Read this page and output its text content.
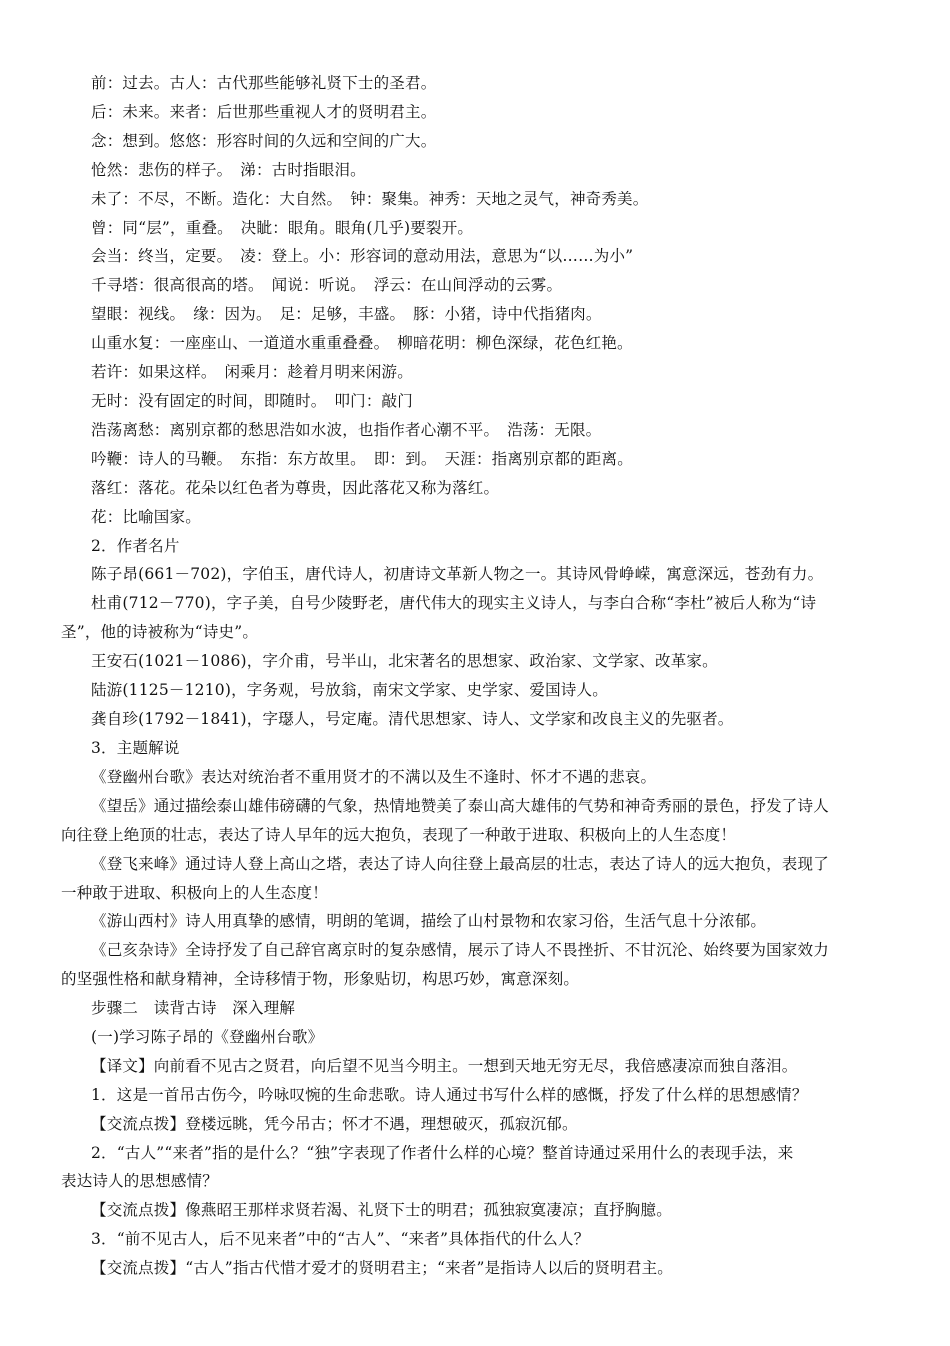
前：过去。古人：古代那些能够礼贤下士的圣君。
后：未来。来者：后世那些重视人才的贤明君主。
念：想到。悠悠：形容时间的久远和空间的广大。
怆然：悲伤的样子。　涕：古时指眼泪。
未了：不尽，不断。造化：大自然。　钟：聚集。神秀：天地之灵气，神奇秀美。
曾：同“层”，重叠。　决眦：眼角。眼角(几乎)要裂开。
会当：终当，定要。　凌：登上。小：形容词的意动用法，意思为“以……为小”
千寻塔：很高很高的塔。　闻说：听说。　浮云：在山间浮动的云雾。
望眼：视线。　缘：因为。　足：足够，丰盛。　豚：小猪，诗中代指猪肉。
山重水复：一座座山、一道道水重重叠叠。　柳暗花明：柳色深绿，花色红艳。
若许：如果这样。　闲乘月：趁着月明来闲游。
无时：没有固定的时间，即随时。　叩门：敲门
浩荡离愁：离别京都的愁思浩如水波，也指作者心潮不平。　浩荡：无限。
吟鞭：诗人的马鞭。　东指：东方故里。　即：到。　天涯：指离别京都的距离。
落红：落花。花朵以红色者为尊贵，因此落花又称为落红。
花：比喻国家。
2．作者名片
陈子昂(661－702)，字伯玉，唐代诗人，初唐诗文革新人物之一。其诗风骨峥嵘，寓意深远，苍劲有力。
杜甫(712－770)，字子美，自号少陵野老，唐代伟大的现实主义诗人，与李白合称“李杜”被后人称为“诗
圣”，他的诗被称为“诗史”。
王安石(1021－1086)，字介甫，号半山，北宋著名的思想家、政治家、文学家、改革家。
陆游(1125－1210)，字务观，号放翁，南宋文学家、史学家、爱国诗人。
龚自珍(1792－1841)，字璱人，号定庵。清代思想家、诗人、文学家和改良主义的先驱者。
3．主题解说
《登幽州台歌》表达对统治者不重用贤才的不满以及生不逢时、怀才不遇的悲哀。
《望岳》通过描绘泰山雄伟磅礴的气象，热情地赞美了泰山高大雄伟的气势和神奇秀丽的景色，抒发了诗人
向往登上绝顶的壮志，表达了诗人早年的远大抱负，表现了一种敢于进取、积极向上的人生态度！
《登飞来峰》通过诗人登上高山之塔，表达了诗人向往登上最高层的壮志，表达了诗人的远大抱负，表现了
一种敢于进取、积极向上的人生态度！
《游山西村》诗人用真挚的感情，明朗的笔调，描绘了山村景物和农家习俗，生活气息十分浓郁。
《己亥杂诗》全诗抒发了自己辞官离京时的复杂感情，展示了诗人不畏挫折、不甘沉沦、始终要为国家效力
的坚强性格和献身精神，全诗移情于物，形象贴切，构思巧妙，寓意深刻。
步骤二　读背古诗　深入理解
(一)学习陈子昂的《登幽州台歌》
【译文】向前看不见古之贤君，向后望不见当今明主。一想到天地无穷无尽，我倍感凄凉而独自落泪。
1．这是一首吊古伤今，吟咏叹惋的生命悲歌。诗人通过书写什么样的感慨，抒发了什么样的思想感情？
【交流点拨】登楼远眺，凭今吊古；怀才不遇，理想破灭，孤寂沉郁。
2．“古人”“来者”指的是什么？“独”字表现了作者什么样的心境？整首诗通过采用什么的表现手法，来
表达诗人的思想感情？
【交流点拨】像燕昭王那样求贤若渴、礼贤下士的明君；孤独寂寞凄凉；直抒胸臆。
3．“前不见古人，后不见来者”中的“古人”、“来者”具体指代的什么人？
【交流点拨】“古人”指古代惜才爱才的贤明君主；“来者”是指诗人以后的贤明君主。
